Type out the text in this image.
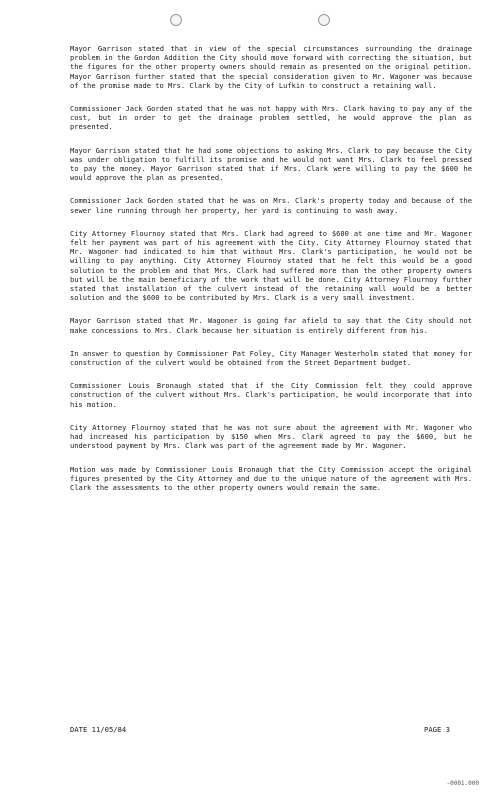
Mayor Garrison stated that in view of the special circumstances surrounding the drainage problem in the Gordon Addition the City should move forward with correcting the situation, but the figures for the other property owners should remain as presented on the original petition. Mayor Garrison further stated that the special consideration given to Mr. Wagoner was because of the promise made to Mrs. Clark by the City of Lufkin to construct a retaining wall.

Commissioner Jack Gorden stated that he was not happy with Mrs. Clark having to pay any of the cost, but in order to get the drainage problem settled, he would approve the plan as presented.

Mayor Garrison stated that he had some objections to asking Mrs. Clark to pay because the City was under obligation to fulfill its promise and he would not want Mrs. Clark to feel pressed to pay the money. Mayor Garrison stated that if Mrs. Clark were willing to pay the $600 he would approve the plan as presented.

Commissioner Jack Gorden stated that he was on Mrs. Clark's property today and because of the sewer line running through her property, her yard is continuing to wash away.

City Attorney Flournoy stated that Mrs. Clark had agreed to $600 at one time and Mr. Wagoner felt her payment was part of his agreement with the City. City Attorney Flournoy stated that Mr. Wagoner had indicated to him that without Mrs. Clark's participation, he would not be willing to pay anything. City Attorney Flournoy stated that he felt this would be a good solution to the problem and that Mrs. Clark had suffered more than the other property owners but will be the main beneficiary of the work that will be done. City Attorney Flournoy further stated that installation of the culvert instead of the retaining wall would be a better solution and the $600 to be contributed by Mrs. Clark is a very small investment.

Mayor Garrison stated that Mr. Wagoner is going far afield to say that the City should not make concessions to Mrs. Clark because her situation is entirely different from his.

In answer to question by Commissioner Pat Foley, City Manager Westerholm stated that money for construction of the culvert would be obtained from the Street Department budget.

Commissioner Louis Bronaugh stated that if the City Commission felt they could approve construction of the culvert without Mrs. Clark's participation, he would incorporate that into his motion.

City Attorney Flournoy stated that he was not sure about the agreement with Mr. Wagoner who had increased his participation by $150 when Mrs. Clark agreed to pay the $600, but he understood payment by Mrs. Clark was part of the agreement made by Mr. Wagoner.

Motion was made by Commissioner Louis Bronaugh that the City Commission accept the original figures presented by the City Attorney and due to the unique nature of the agreement with Mrs. Clark the assessments to the other property owners would remain the same.

DATE 11/05/84	PAGE 3
-0001.000
